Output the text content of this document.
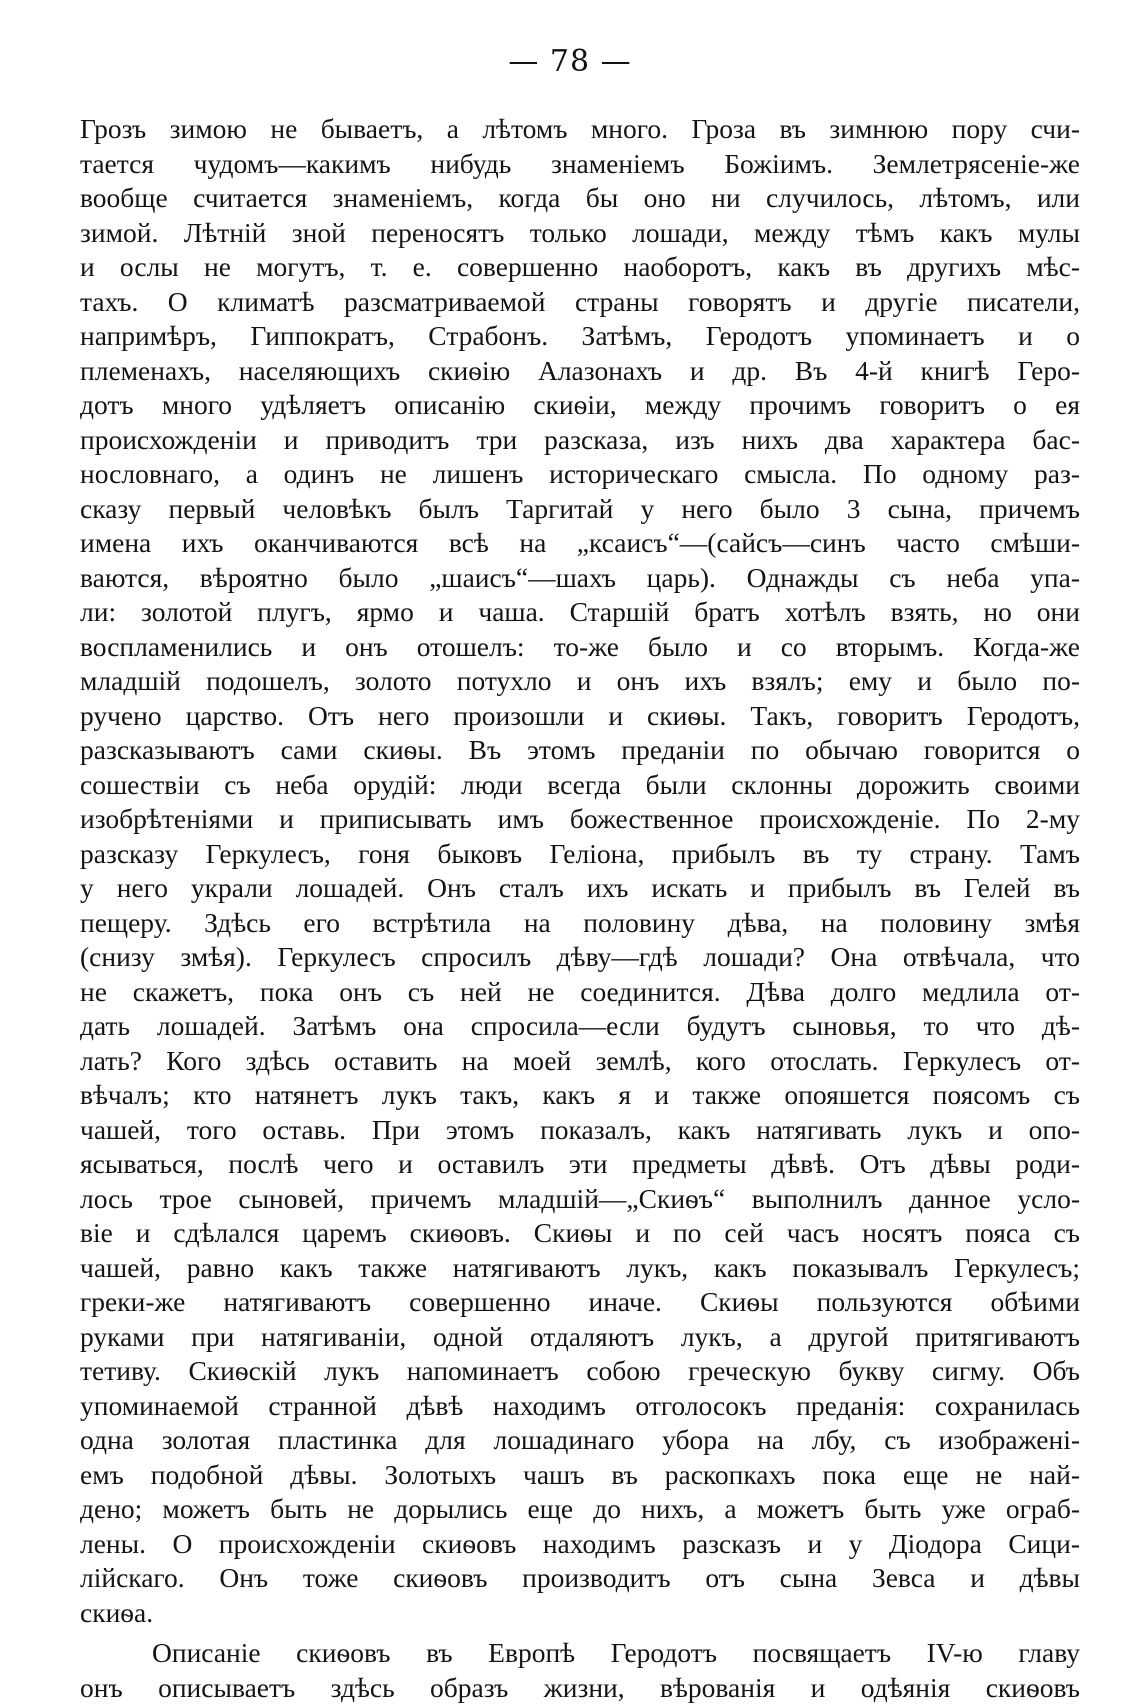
— 78 —
Грозъ зимою не бываетъ, а лѣтомъ много. Гроза въ зимнюю пору счи-
тается чудомъ—какимъ нибудь знаменіемъ Божіимъ. Землетрясеніе-же
вообще считается знаменіемъ, когда бы оно ни случилось, лѣтомъ, или
зимой. Лѣтній зной переносятъ только лошади, между тѣмъ какъ мулы
и ослы не могутъ, т. е. совершенно наоборотъ, какъ въ другихъ мѣс-
тахъ. О климатѣ разсматриваемой страны говорятъ и другіе писатели,
напримѣръ, Гиппократъ, Страбонъ. Затѣмъ, Геродотъ упоминаетъ и о
племенахъ, населяющихъ скиѳію Алазонахъ и др. Въ 4-й книгѣ Геро-
дотъ много удѣляетъ описанію скиѳіи, между прочимъ говоритъ о ея
происхожденіи и приводитъ три разсказа, изъ нихъ два характера бас-
нословнаго, а одинъ не лишенъ историческаго смысла. По одному раз-
сказу первый человѣкъ былъ Таргитай у него было 3 сына, причемъ
имена ихъ оканчиваются всѣ на „ксаисъ“—(сайсъ—синъ часто смѣши-
ваются, вѣроятно было „шаисъ“—шахъ царь). Однажды съ неба упа-
ли: золотой плугъ, ярмо и чаша. Старшій братъ хотѣлъ взять, но они
воспламенились и онъ отошелъ: то-же было и со вторымъ. Когда-же
младшій подошелъ, золото потухло и онъ ихъ взялъ; ему и было по-
ручено царство. Отъ него произошли и скиѳы. Такъ, говоритъ Геродотъ,
разсказываютъ сами скиѳы. Въ этомъ преданіи по обычаю говорится о
сошествіи съ неба орудій: люди всегда были склонны дорожить своими
изобрѣтеніями и приписывать имъ божественное происхожденіе. По 2-му
разсказу Геркулесъ, гоня быковъ Геліона, прибылъ въ ту страну. Тамъ
у него украли лошадей. Онъ сталъ ихъ искать и прибылъ въ Гелей въ
пещеру. Здѣсь его встрѣтила на половину дѣва, на половину змѣя
(снизу змѣя). Геркулесъ спросилъ дѣву—гдѣ лошади? Она отвѣчала, что
не скажетъ, пока онъ съ ней не соединится. Дѣва долго медлила от-
дать лошадей. Затѣмъ она спросила—если будутъ сыновья, то что дѣ-
лать? Кого здѣсь оставить на моей землѣ, кого отослать. Геркулесъ от-
вѣчалъ; кто натянетъ лукъ такъ, какъ я и также опояшется поясомъ съ
чашей, того оставь. При этомъ показалъ, какъ натягивать лукъ и опо-
ясываться, послѣ чего и оставилъ эти предметы дѣвѣ. Отъ дѣвы роди-
лось трое сыновей, причемъ младшій—„Скиѳъ“ выполнилъ данное усло-
віе и сдѣлался царемъ скиѳовъ. Скиѳы и по сей часъ носятъ пояса съ
чашей, равно какъ также натягиваютъ лукъ, какъ показывалъ Геркулесъ;
греки-же натягиваютъ совершенно иначе. Скиѳы пользуются обѣими
руками при натягиваніи, одной отдаляютъ лукъ, а другой притягиваютъ
тетиву. Скиѳскій лукъ напоминаетъ собою греческую букву сигму. Объ
упоминаемой странной дѣвѣ находимъ отголосокъ преданія: сохранилась
одна золотая пластинка для лошадинаго убора на лбу, съ изображені-
емъ подобной дѣвы. Золотыхъ чашъ въ раскопкахъ пока еще не най-
дено; можетъ быть не дорылись еще до нихъ, а можетъ быть уже ограб-
лены. О происхожденіи скиѳовъ находимъ разсказъ и у Діодора Сици-
лійскаго. Онъ тоже скиѳовъ производитъ отъ сына Зевса и дѣвы
скиѳа.
Описаніе скиѳовъ въ Европѣ Геродотъ посвящаетъ IV-ю главу
онъ описываетъ здѣсь образъ жизни, вѣрованія и одѣянія скиѳовъ
